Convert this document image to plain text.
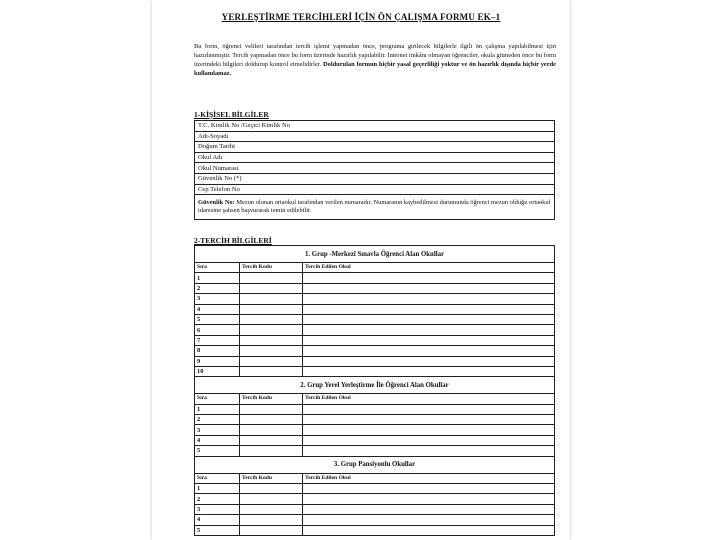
YERLEŞTİRME TERCİHLERİ İÇİN ÖN ÇALIŞMA FORMU EK–1
Bu form, öğrenci velileri tarafından tercih işlemi yapmadan önce, programa girilecek bilgilerle ilgili ön çalışma yapılabilmesi için hazırlanmıştır. Tercih yapmadan önce bu form üzerinde hazırlık yapılabilir. İnternet imkânı olmayan öğrenciler, okula gitmeden önce bu form üzerindeki bilgileri doldurup kontrol etmelidirler. Doldurulan formun hiçbir yasal geçerliliği yoktur ve ön hazırlık dışında hiçbir yerde kullanılamaz.
1-KİŞİSEL BİLGİLER
T.C. Kimlik No /Geçici Kimlik No
Adı-Soyadı
Doğum Tarihi
Okul Adı
Okul Numarası
Güvenlik No (*)
Cep Telefon No
Güvenlik No: Mezun olunan ortaokul tarafından verilen numaradır. Numaranın kaybedilmesi durumunda öğrenci mezun olduğu ortaokul idaresine şahsen başvurarak temin edilebilir.
2-TERCİH BİLGİLERİ
1. Grup -Merkezî Sınavla Öğrenci Alan Okullar		
Sıra	Tercih Kodu	Tercih Edilen Okul
1		
2		
3		
4		
5		
6		
7		
8		
9		
10		
2. Grup Yerel Yerleştirme İle Öğrenci Alan Okullar		
Sıra	Tercih Kodu	Tercih Edilen Okul
1		
2		
3		
4		
5		
3. Grup Pansiyonlu Okullar		
Sıra	Tercih Kodu	Tercih Edilen Okul
1		
2		
3		
4		
5		
